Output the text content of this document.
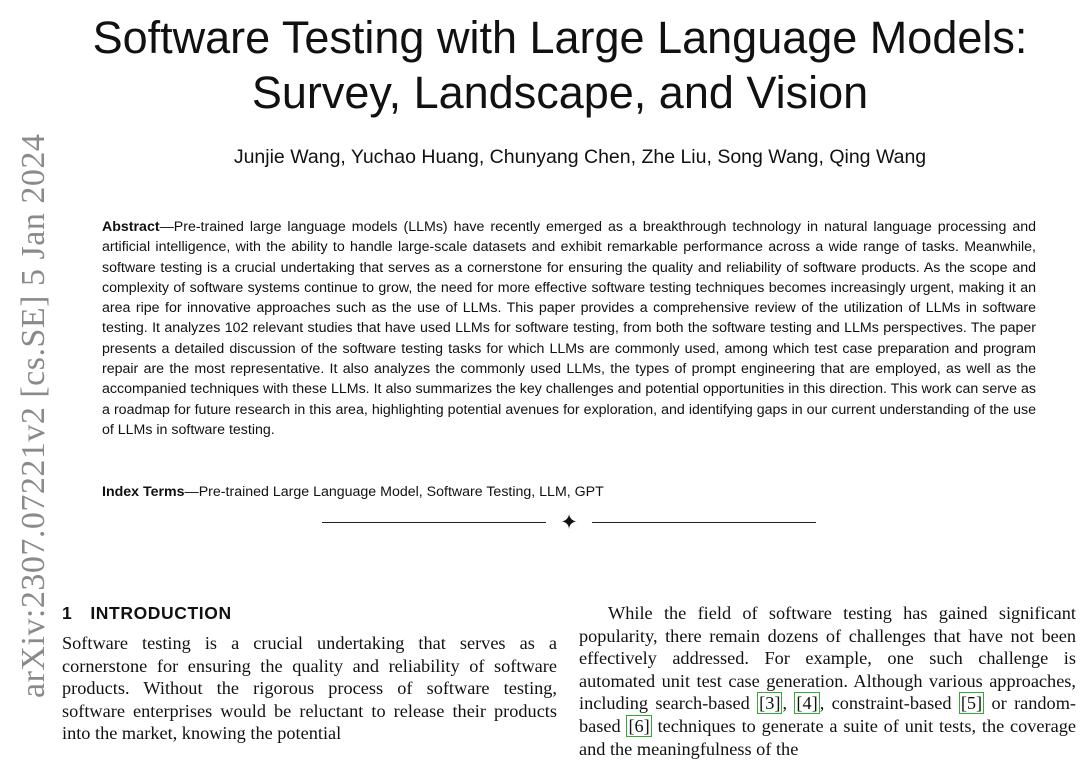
arXiv:2307.07221v2 [cs.SE] 5 Jan 2024
Software Testing with Large Language Models:
Survey, Landscape, and Vision
Junjie Wang, Yuchao Huang, Chunyang Chen, Zhe Liu, Song Wang, Qing Wang

Abstract—Pre-trained large language models (LLMs) have recently emerged as a breakthrough technology in natural language processing and artificial intelligence, with the ability to handle large-scale datasets and exhibit remarkable performance across a wide range of tasks. Meanwhile, software testing is a crucial undertaking that serves as a cornerstone for ensuring the quality and reliability of software products. As the scope and complexity of software systems continue to grow, the need for more effective software testing techniques becomes increasingly urgent, making it an area ripe for innovative approaches such as the use of LLMs. This paper provides a comprehensive review of the utilization of LLMs in software testing. It analyzes 102 relevant studies that have used LLMs for software testing, from both the software testing and LLMs perspectives. The paper presents a detailed discussion of the software testing tasks for which LLMs are commonly used, among which test case preparation and program repair are the most representative. It also analyzes the commonly used LLMs, the types of prompt engineering that are employed, as well as the accompanied techniques with these LLMs. It also summarizes the key challenges and potential opportunities in this direction. This work can serve as a roadmap for future research in this area, highlighting potential avenues for exploration, and identifying gaps in our current understanding of the use of LLMs in software testing.

Index Terms—Pre-trained Large Language Model, Software Testing, LLM, GPT

✦
1 INTRODUCTION

Software testing is a crucial undertaking that serves as a cornerstone for ensuring the quality and reliability of software products. Without the rigorous process of software testing, software enterprises would be reluctant to release their products into the market, knowing the potential

While the field of software testing has gained significant popularity, there remain dozens of challenges that have not been effectively addressed. For example, one such challenge is automated unit test case generation. Although various approaches, including search-based [3] , [4] , constraint-based [5] or random-based [6] techniques to generate a suite of unit tests, the coverage and the meaningfulness of the
